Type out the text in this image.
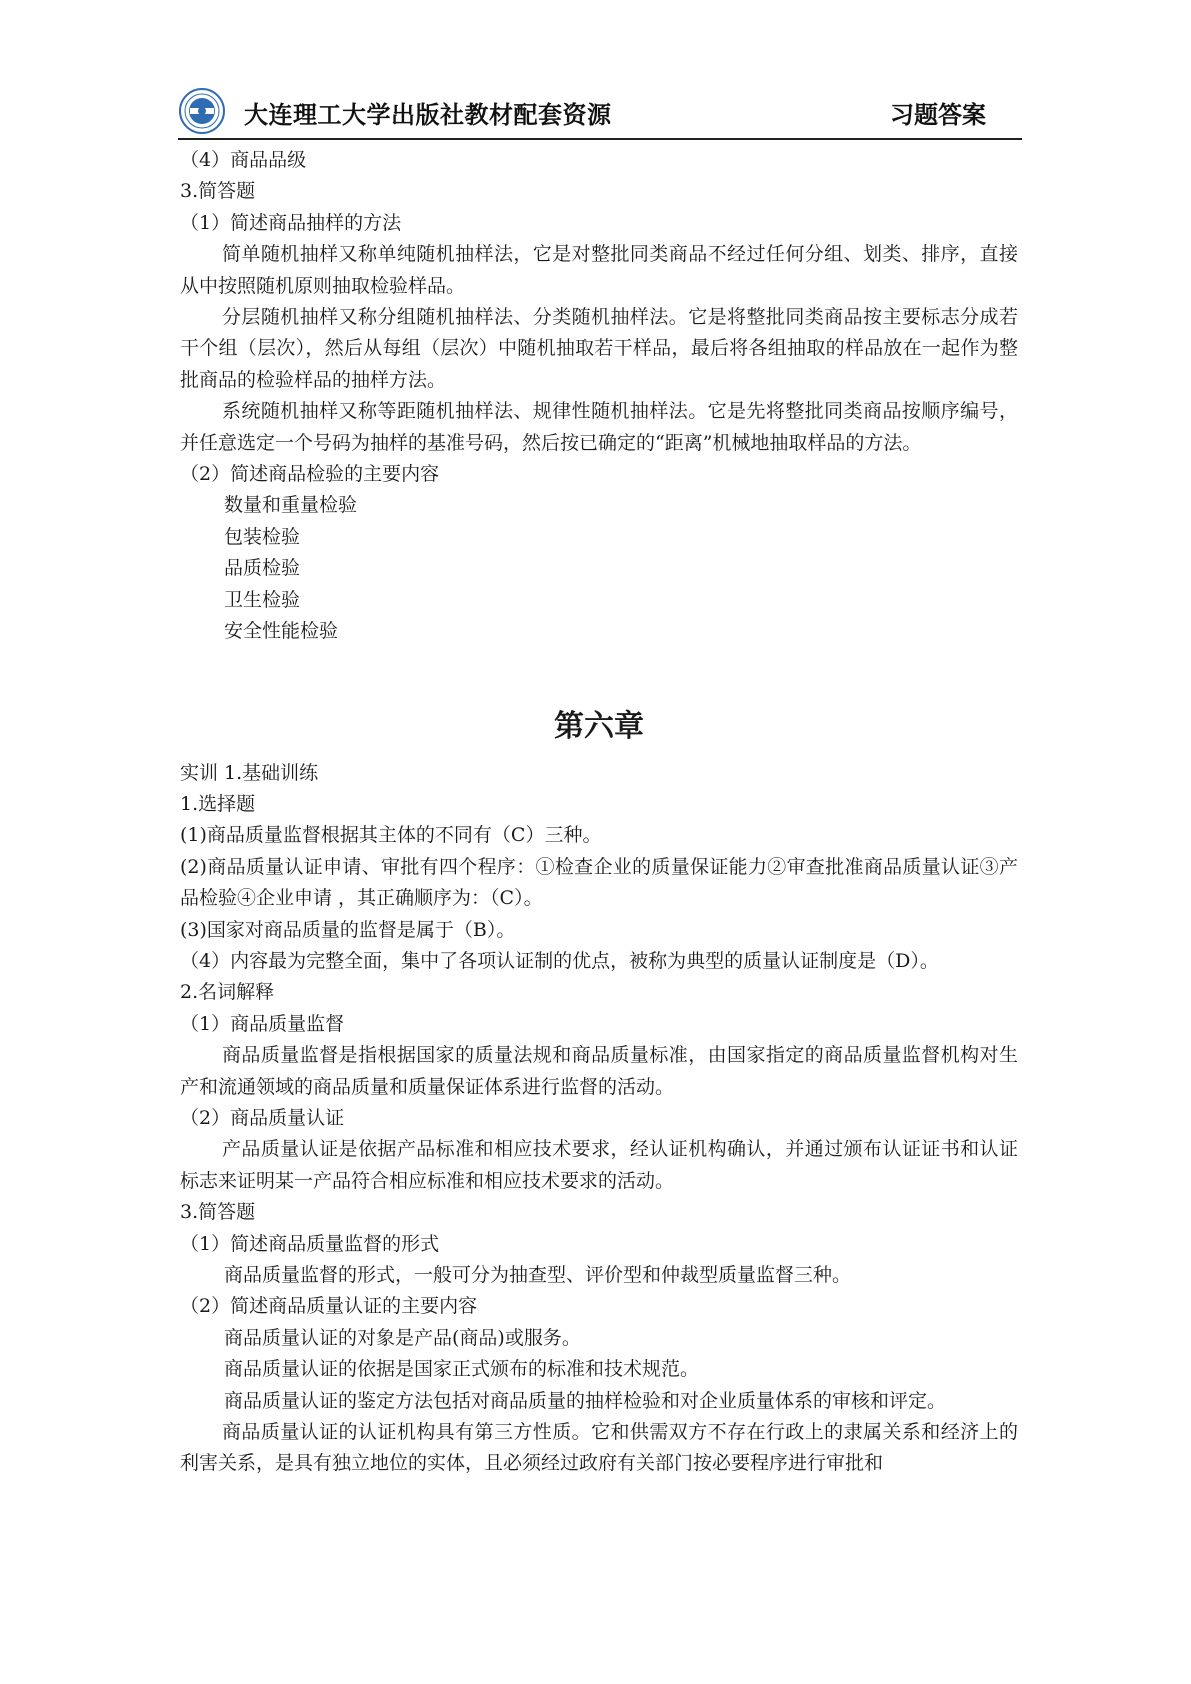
大连理工大学出版社教材配套资源	习题答案
（4）商品品级
3.简答题
（1）简述商品抽样的方法
简单随机抽样又称单纯随机抽样法，它是对整批同类商品不经过任何分组、划类、排序，直接从中按照随机原则抽取检验样品。
分层随机抽样又称分组随机抽样法、分类随机抽样法。它是将整批同类商品按主要标志分成若干个组（层次），然后从每组（层次）中随机抽取若干样品，最后将各组抽取的样品放在一起作为整批商品的检验样品的抽样方法。
系统随机抽样又称等距随机抽样法、规律性随机抽样法。它是先将整批同类商品按顺序编号，并任意选定一个号码为抽样的基准号码，然后按已确定的“距离”机械地抽取样品的方法。
（2）简述商品检验的主要内容
数量和重量检验
包装检验
品质检验
卫生检验
安全性能检验
第六章
实训 1.基础训练
1.选择题
(1)商品质量监督根据其主体的不同有（C）三种。
(2)商品质量认证申请、审批有四个程序：①检查企业的质量保证能力②审查批准商品质量认证③产品检验④企业申请 ，其正确顺序为：（C）。
(3)国家对商品质量的监督是属于（B）。
（4）内容最为完整全面，集中了各项认证制的优点，被称为典型的质量认证制度是（D）。
2.名词解释
（1）商品质量监督
商品质量监督是指根据国家的质量法规和商品质量标准，由国家指定的商品质量监督机构对生产和流通领域的商品质量和质量保证体系进行监督的活动。
（2）商品质量认证
产品质量认证是依据产品标准和相应技术要求，经认证机构确认，并通过颁布认证证书和认证标志来证明某一产品符合相应标准和相应技术要求的活动。
3.简答题
（1）简述商品质量监督的形式
商品质量监督的形式，一般可分为抽查型、评价型和仲裁型质量监督三种。
（2）简述商品质量认证的主要内容
商品质量认证的对象是产品(商品)或服务。
商品质量认证的依据是国家正式颁布的标准和技术规范。
商品质量认证的鉴定方法包括对商品质量的抽样检验和对企业质量体系的审核和评定。
商品质量认证的认证机构具有第三方性质。它和供需双方不存在行政上的隶属关系和经济上的利害关系，是具有独立地位的实体，且必须经过政府有关部门按必要程序进行审批和
